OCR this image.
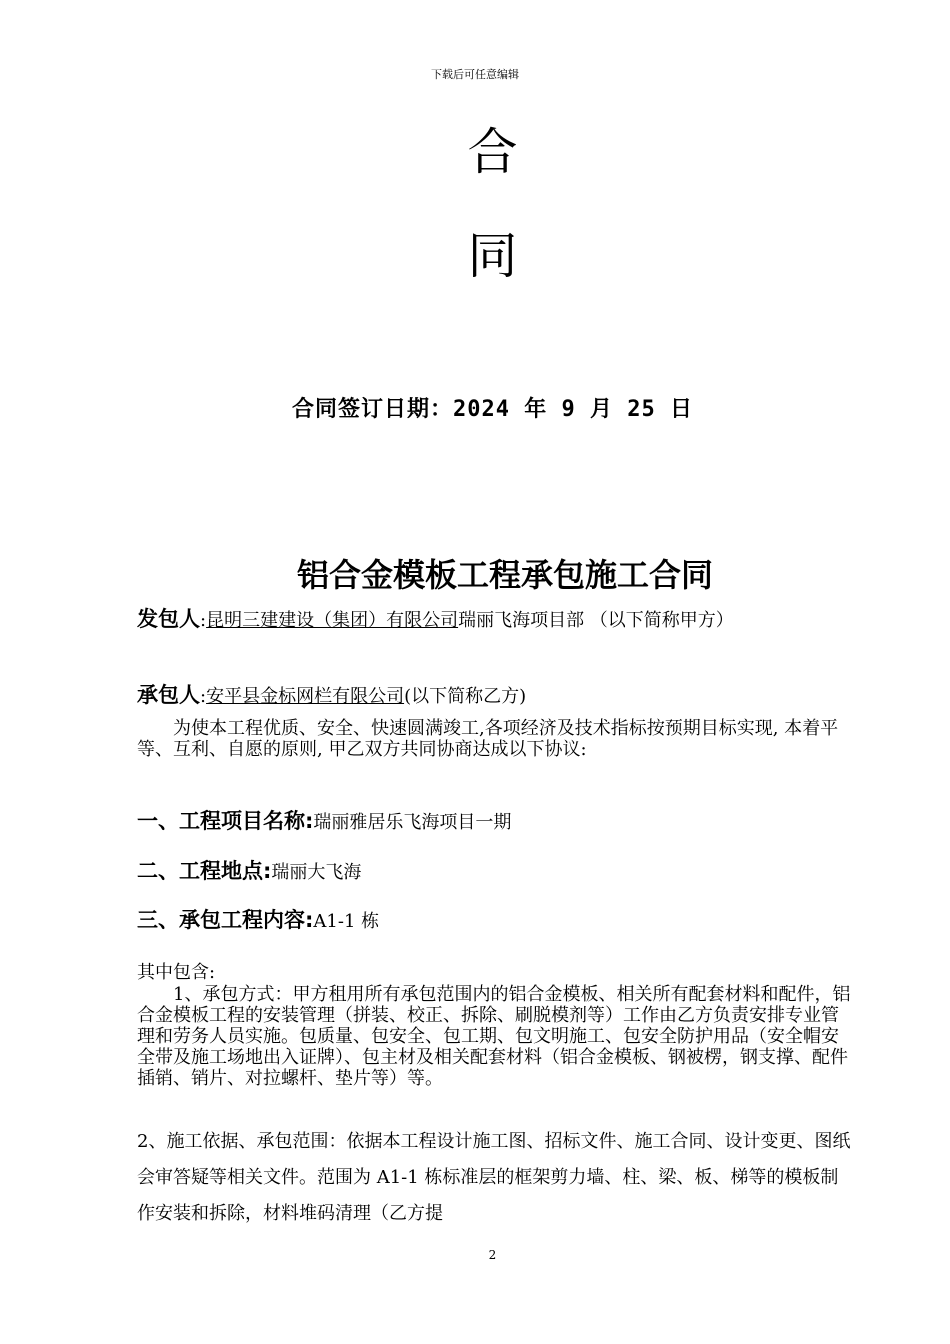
下载后可任意编辑
合
同
合同签订日期：2024 年 9 月 25 日
铝合金模板工程承包施工合同
发包人:昆明三建建设（集团）有限公司瑞丽飞海项目部 （以下简称甲方）
承包人:安平县金标网栏有限公司(以下简称乙方)
为使本工程优质、安全、快速圆满竣工,各项经济及技术指标按预期目标实现, 本着平等、互利、自愿的原则, 甲乙双方共同协商达成以下协议:
一、工程项目名称:瑞丽雅居乐飞海项目一期
二、工程地点:瑞丽大飞海
三、承包工程内容:A1-1 栋
其中包含:
1、承包方式：甲方租用所有承包范围内的铝合金模板、相关所有配套材料和配件，铝合金模板工程的安装管理（拼装、校正、拆除、刷脱模剂等）工作由乙方负责安排专业管理和劳务人员实施。包质量、包安全、包工期、包文明施工、包安全防护用品（安全帽安全带及施工场地出入证牌）、包主材及相关配套材料（铝合金模板、钢被楞，钢支撑、配件插销、销片、对拉螺杆、垫片等）等。
2、施工依据、承包范围：依据本工程设计施工图、招标文件、施工合同、设计变更、图纸会审答疑等相关文件。范围为 A1-1 栋标准层的框架剪力墙、柱、梁、板、梯等的模板制作安装和拆除，材料堆码清理（乙方提
2
